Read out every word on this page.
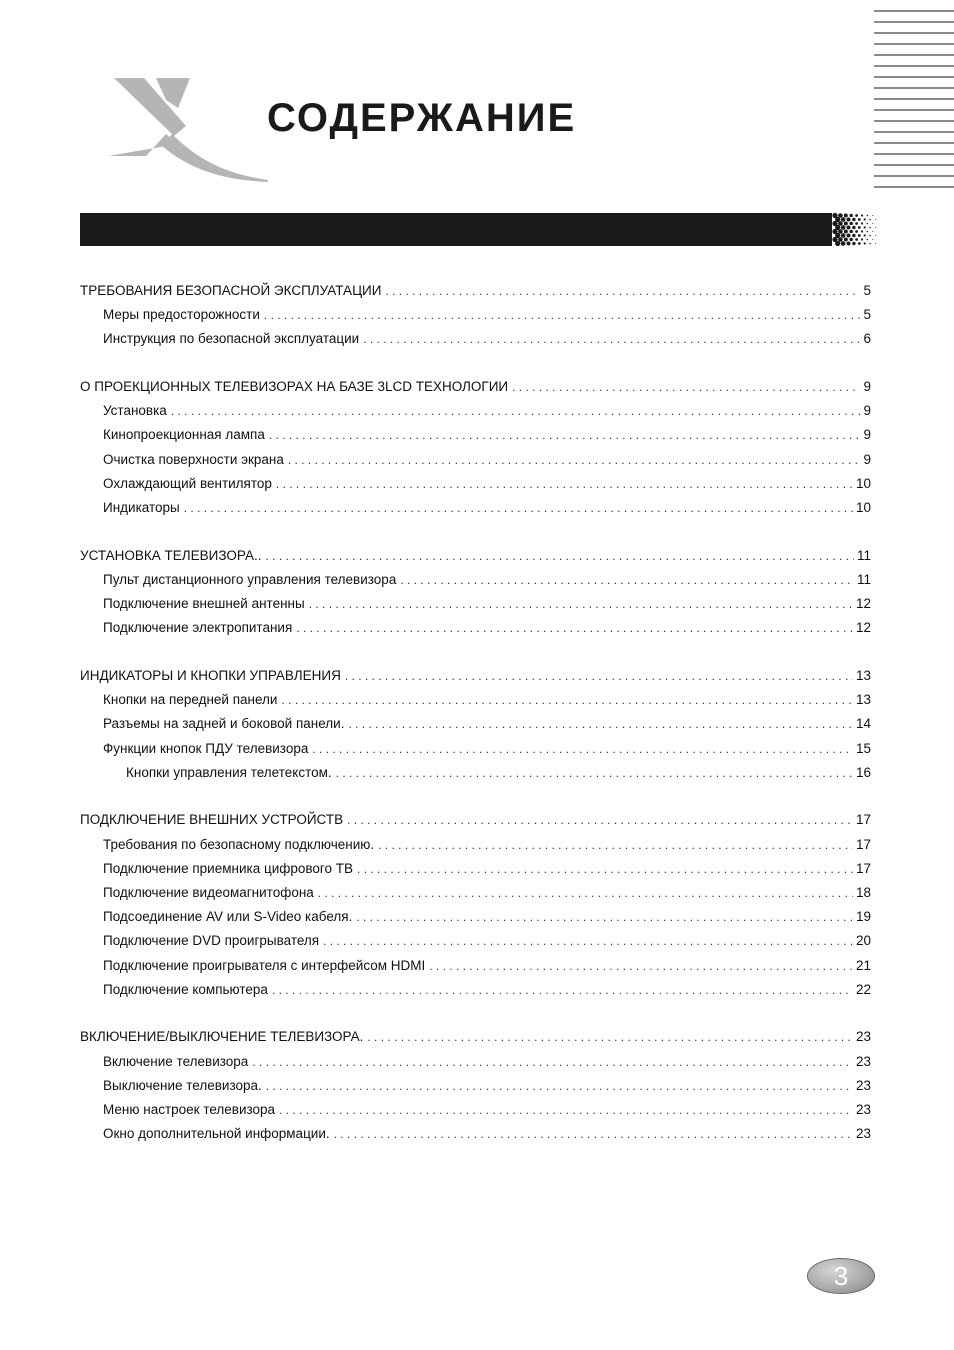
СОДЕРЖАНИЕ
ТРЕБОВАНИЯ БЕЗОПАСНОЙ ЭКСПЛУАТАЦИИ . . .	5
Меры предосторожности . . .	5
Инструкция по безопасной эксплуатации . . .	6
О ПРОЕКЦИОННЫХ ТЕЛЕВИЗОРАХ НА БАЗЕ 3LCD ТЕХНОЛОГИИ . . .	9
Установка . . .	9
Кинопроекционная лампа . . .	9
Очистка поверхности экрана . . .	9
Охлаждающий вентилятор . . .	10
Индикаторы . . .	10
УСТАНОВКА ТЕЛЕВИЗОРА.. . . .	11
Пульт дистанционного управления телевизора . . .	11
Подключение внешней антенны . . .	12
Подключение электропитания . . .	12
ИНДИКАТОРЫ И КНОПКИ УПРАВЛЕНИЯ . . .	13
Кнопки на передней панели . . .	13
Разъемы на задней и боковой панели. . . .	14
Функции кнопок ПДУ телевизора . . .	15
Кнопки управления телетекстом. . . .	16
ПОДКЛЮЧЕНИЕ ВНЕШНИХ УСТРОЙСТВ . . .	17
Требования по безопасному подключению. . . .	17
Подключение приемника цифрового ТВ . . .	17
Подключение видеомагнитофона . . .	18
Подсоединение AV или S-Video кабеля. . . .	19
Подключение DVD проигрывателя . . .	20
Подключение проигрывателя с интерфейсом HDMI . . .	21
Подключение компьютера . . .	22
ВКЛЮЧЕНИЕ/ВЫКЛЮЧЕНИЕ ТЕЛЕВИЗОРА. . . .	23
Включение телевизора . . .	23
Выключение телевизора. . . .	23
Меню настроек телевизора . . .	23
Окно дополнительной информации. . . .	23
3
